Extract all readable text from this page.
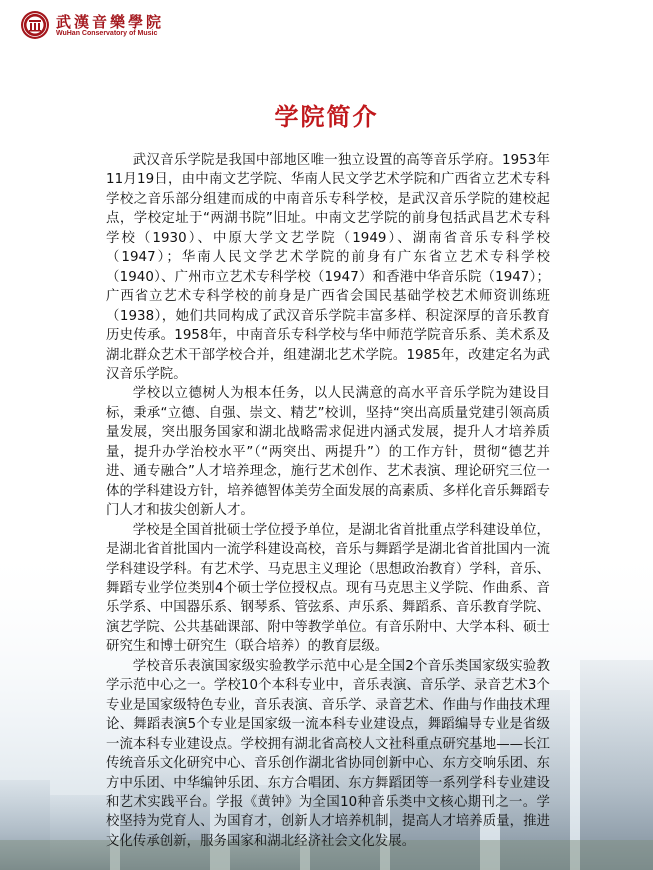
武漢音樂學院
WuHan Conservatory of Music
学院简介

武汉音乐学院是我国中部地区唯一独立设置的高等音乐学府。1953年11月19日，由中南文艺学院、华南人民文学艺术学院和广西省立艺术专科学校之音乐部分组建而成的中南音乐专科学校，是武汉音乐学院的建校起点，学校定址于“两湖书院”旧址。中南文艺学院的前身包括武昌艺术专科学校（1930）、中原大学文艺学院（1949）、湖南省音乐专科学校（1947）；华南人民文学艺术学院的前身有广东省立艺术专科学校（1940）、广州市立艺术专科学校（1947）和香港中华音乐院（1947）；广西省立艺术专科学校的前身是广西省会国民基础学校艺术师资训练班（1938），她们共同构成了武汉音乐学院丰富多样、积淀深厚的音乐教育历史传承。1958年，中南音乐专科学校与华中师范学院音乐系、美术系及湖北群众艺术干部学校合并，组建湖北艺术学院。1985年，改建定名为武汉音乐学院。

学校以立德树人为根本任务，以人民满意的高水平音乐学院为建设目标，秉承“立德、自强、崇文、精艺”校训，坚持“突出高质量党建引领高质量发展，突出服务国家和湖北战略需求促进内涵式发展，提升人才培养质量，提升办学治校水平”（“两突出、两提升”）的工作方针，贯彻“德艺并进、通专融合”人才培养理念，施行艺术创作、艺术表演、理论研究三位一体的学科建设方针，培养德智体美劳全面发展的高素质、多样化音乐舞蹈专门人才和拔尖创新人才。

学校是全国首批硕士学位授予单位，是湖北省首批重点学科建设单位，是湖北省首批国内一流学科建设高校，音乐与舞蹈学是湖北省首批国内一流学科建设学科。有艺术学、马克思主义理论（思想政治教育）学科，音乐、舞蹈专业学位类别4个硕士学位授权点。现有马克思主义学院、作曲系、音乐学系、中国器乐系、钢琴系、管弦系、声乐系、舞蹈系、音乐教育学院、演艺学院、公共基础课部、附中等教学单位。有音乐附中、大学本科、硕士研究生和博士研究生（联合培养）的教育层级。

学校音乐表演国家级实验教学示范中心是全国2个音乐类国家级实验教学示范中心之一。学校10个本科专业中，音乐表演、音乐学、录音艺术3个专业是国家级特色专业，音乐表演、音乐学、录音艺术、作曲与作曲技术理论、舞蹈表演5个专业是国家级一流本科专业建设点，舞蹈编导专业是省级一流本科专业建设点。学校拥有湖北省高校人文社科重点研究基地——长江传统音乐文化研究中心、音乐创作湖北省协同创新中心、东方交响乐团、东方中乐团、中华编钟乐团、东方合唱团、东方舞蹈团等一系列学科专业建设和艺术实践平台。学报《黄钟》为全国10种音乐类中文核心期刊之一。学校坚持为党育人、为国育才，创新人才培养机制，提高人才培养质量，推进文化传承创新，服务国家和湖北经济社会文化发展。
